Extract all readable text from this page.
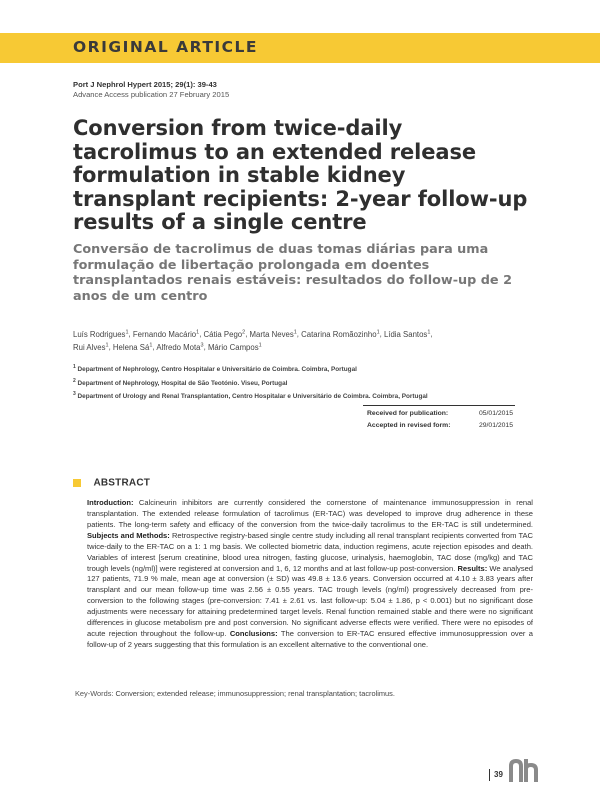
ORIGINAL ARTICLE
Port J Nephrol Hypert 2015; 29(1): 39-43
Advance Access publication 27 February 2015
Conversion from twice-daily tacrolimus to an extended release formulation in stable kidney transplant recipients: 2-year follow-up results of a single centre
Conversão de tacrolimus de duas tomas diárias para uma formulação de libertação prolongada em doentes transplantados renais estáveis: resultados do follow-up de 2 anos de um centro
Luís Rodrigues$^1$, Fernando Macário$^1$, Cátia Pego$^2$, Marta Neves$^1$, Catarina Romãozinho$^1$, Lídia Santos$^1$,
Rui Alves$^1$, Helena $Sá^1$, Alfredo Mota$^3$, Mário Campos$^1$
$^1$ Department of Nephrology, Centro Hospitalar e Universitário de Coimbra. Coimbra, Portugal
$^2$ Department of Nephrology, Hospital de São Teotónio. Viseu, Portugal
$^3$ Department of Urology and Renal Transplantation, Centro Hospitalar e Universitário de Coimbra. Coimbra, Portugal
Received for publication:	05/01/2015
Accepted in revised form:	29/01/2015
ABSTRACT

Introduction: Calcineurin inhibitors are currently considered the cornerstone of maintenance immunosuppression in renal transplantation. The extended release formulation of tacrolimus (ER-TAC) was developed to improve drug adherence in these patients. The long-term safety and efficacy of the conversion from the twice-daily tacrolimus to the ER-TAC is still undetermined. Subjects and Methods: Retrospective registry-based single centre study including all renal transplant recipients converted from TAC twice-daily to the ER-TAC on a 1: 1 mg basis. We collected biometric data, induction regimens, acute rejection episodes and death. Variables of interest [serum creatinine, blood urea nitrogen, fasting glucose, urinalysis, haemoglobin, TAC dose (mg/kg) and TAC trough levels (ng/ml)] were registered at conversion and 1, 6, 12 months and at last follow-up post-conversion. Results: We analysed 127 patients, 71.9 % male, mean age at conversion (± SD) was 49.8 ± 13.6 years. Conversion occurred at 4.10 ± 3.83 years after transplant and our mean follow-up time was 2.56 ± 0.55 years. TAC trough levels (ng/ml) progressively decreased from pre-conversion to the following stages (pre-conversion: 7.41 ± 2.61 vs. last follow-up: 5.04 ± 1.86, p < 0.001) but no significant dose adjustments were necessary for attaining predetermined target levels. Renal function remained stable and there were no significant differences in glucose metabolism pre and post conversion. No significant adverse effects were verified. There were no episodes of acute rejection throughout the follow-up. Conclusions: The conversion to ER-TAC ensured effective immunosuppression over a follow-up of 2 years suggesting that this formulation is an excellent alternative to the conventional one.

Key-Words: Conversion; extended release; immunosuppression; renal transplantation; tacrolimus.
39
